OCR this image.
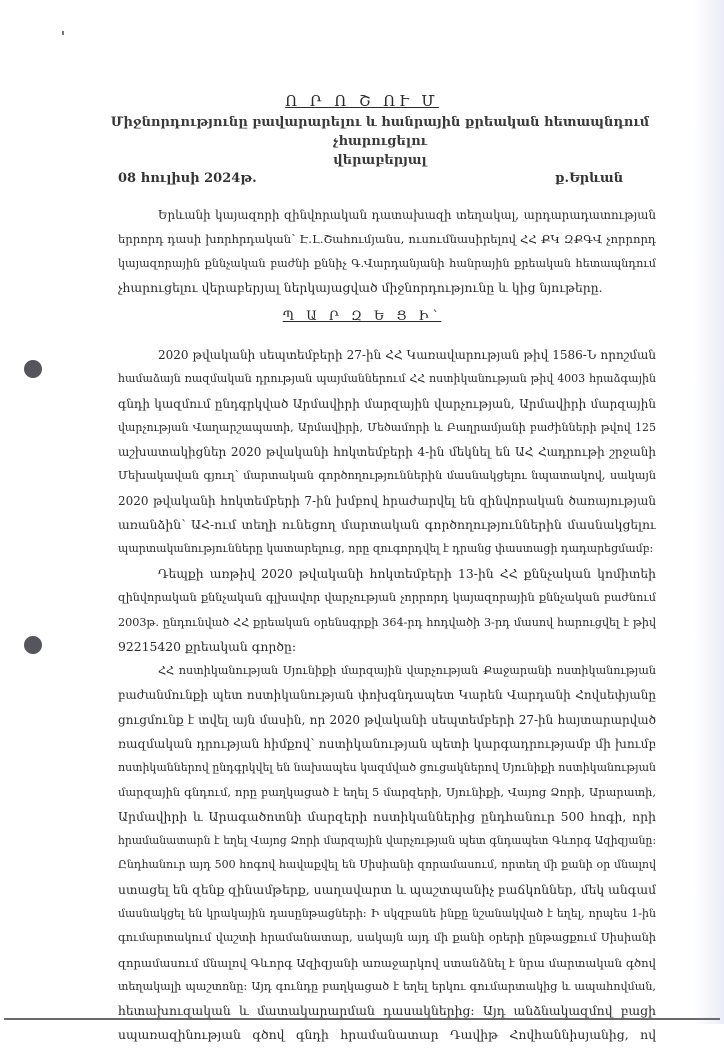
Ո Ր Ո Շ ՈՒ Մ
Միջնորդությունը բավարարելու և հանրային քրեական հետապնդում չհարուցելու
վերաբերյալ
08 հուլիսի 2024թ.	ք.Երևան
Երևանի կայազորի զինվորական դատախազի տեղակալ, արդարադատության
երրորդ դասի խորհրդական՝ Է.Լ.Շահումյանս, ուսումնասիրելով ՀՀ ՔԿ ԶՔԳՎ չորրորդ
կայազորային քննչական բաժնի քննիչ Գ.Վարդանյանի հանրային քրեական հետապնդում
չհարուցելու վերաբերյալ ներկայացված միջնորդությունը և կից նյութերը.
Պ Ա Ր Զ Ե Ց Ի՝
2020 թվականի սեպտեմբերի 27-ին ՀՀ Կառավարության թիվ 1586-Ն որոշման
համաձայն ռազմական դրության պայմաններում ՀՀ ոստիկանության թիվ 4003 հրաձգային
գնդի կազմում ընդգրկված Արմավիրի մարզային վարչության, Արմավիրի մարզային
վարչության Վաղարշապատի, Արմավիրի, Մեծամորի և Բաղրամյանի բաժինների թվով 125
աշխատակիցներ 2020 թվականի հոկտեմբերի 4-ին մեկնել են ԱՀ Հադրութի շրջանի
Մեխակավան գյուղ՝ մարտական գործողություններին մասնակցելու նպատակով, սակայն
2020 թվականի հոկտեմբերի 7-ին խմբով հրաժարվել են զինվորական ծառայության
առանձին՝ ԱՀ-ում տեղի ունեցող մարտական գործողություններին մասնակցելու
պարտականությունները կատարելուց, որը զուգորդվել է դրանց փաստացի դադարեցմամբ:
Դեպքի առթիվ 2020 թվականի հոկտեմբերի 13-ին ՀՀ քննչական կոմիտեի
զինվորական քննչական գլխավոր վարչության չորրորդ կայազորային քննչական բաժնում
2003թ. ընդունված ՀՀ քրեական օրենսգրքի 364-րդ հոդվածի 3-րդ մասով հարուցվել է թիվ
92215420 քրեական գործը:
ՀՀ ոստիկանության Սյունիքի մարզային վարչության Քաջարանի ոստիկանության
բաժանմունքի պետ ոստիկանության փոխգնդապետ Կարեն Վարդանի Հովսեփյանը
ցուցմունք է տվել այն մասին, որ 2020 թվականի սեպտեմբերի 27-ին հայտարարված
ռազմական դրության հիմքով՝ ոստիկանության պետի կարգադրությամբ մի խումբ
ոստիկաններով ընդգրկվել են նախապես կազմված ցուցակներով Սյունիքի ոստիկանության
մարզային գնդում, որը բաղկացած է եղել 5 մարզերի, Սյունիքի, Վայոց Ձորի, Արարատի,
Արմավիրի և Արագածոտնի մարզերի ոստիկաններից ընդհանուր 500 հոգի, որի
հրամանատարն է եղել Վայոց Ձորի մարզային վարչության պետ գնդապետ Գևորգ Ազիզյանը:
Ընդհանուր այդ 500 հոգով հավաքվել են Սիսիանի զորամասում, որտեղ մի քանի օր մնալով
ստացել են զենք զինամթերք, սաղավարտ և պաշտպանիչ բաճկոններ, մեկ անգամ
մասնակցել են կրակային դասընթացների: Ի սկզբանե ինքը նշանակված է եղել, որպես 1-ին
գումարտակում վաշտի հրամանատար, սակայն այդ մի քանի օրերի ընթացքում Սիսիանի
զորամասում մնալով Գևորգ Ազիզյանի առաջարկով ստանձնել է նրա մարտական գծով
տեղակալի պաշտոնը: Այդ գունդը բաղկացած է եղել երկու գումարտակից և ապահովման,
հետախուզական և մատակարարման դասակներից: Այդ անձնակազմով բացի
սպառազինության գծով գնդի հրամանատար Դավիթ Հովհաննիսյանից, ով
